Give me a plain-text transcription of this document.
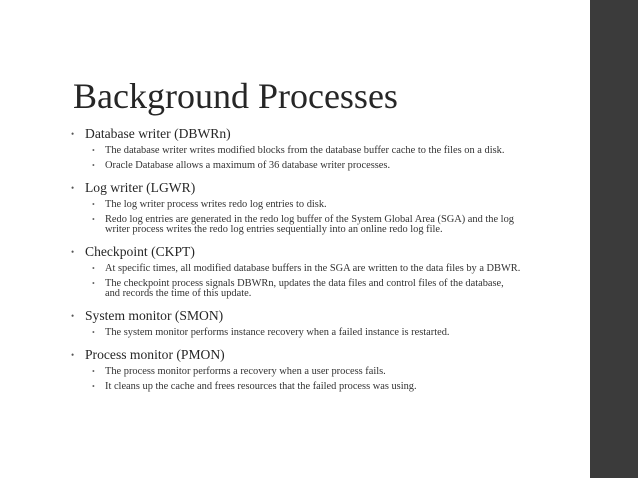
Background Processes
• Database writer (DBWRn)
• The database writer writes modified blocks from the database buffer cache to the files on a disk.
• Oracle Database allows a maximum of 36 database writer processes.
• Log writer (LGWR)
• The log writer process writes redo log entries to disk.
• Redo log entries are generated in the redo log buffer of the System Global Area (SGA) and the log writer process writes the redo log entries sequentially into an online redo log file.
• Checkpoint (CKPT)
• At specific times, all modified database buffers in the SGA are written to the data files by a DBWR.
• The checkpoint process signals DBWRn, updates the data files and control files of the database, and records the time of this update.
• System monitor (SMON)
• The system monitor performs instance recovery when a failed instance is restarted.
• Process monitor (PMON)
• The process monitor performs a recovery when a user process fails.
• It cleans up the cache and frees resources that the failed process was using.
